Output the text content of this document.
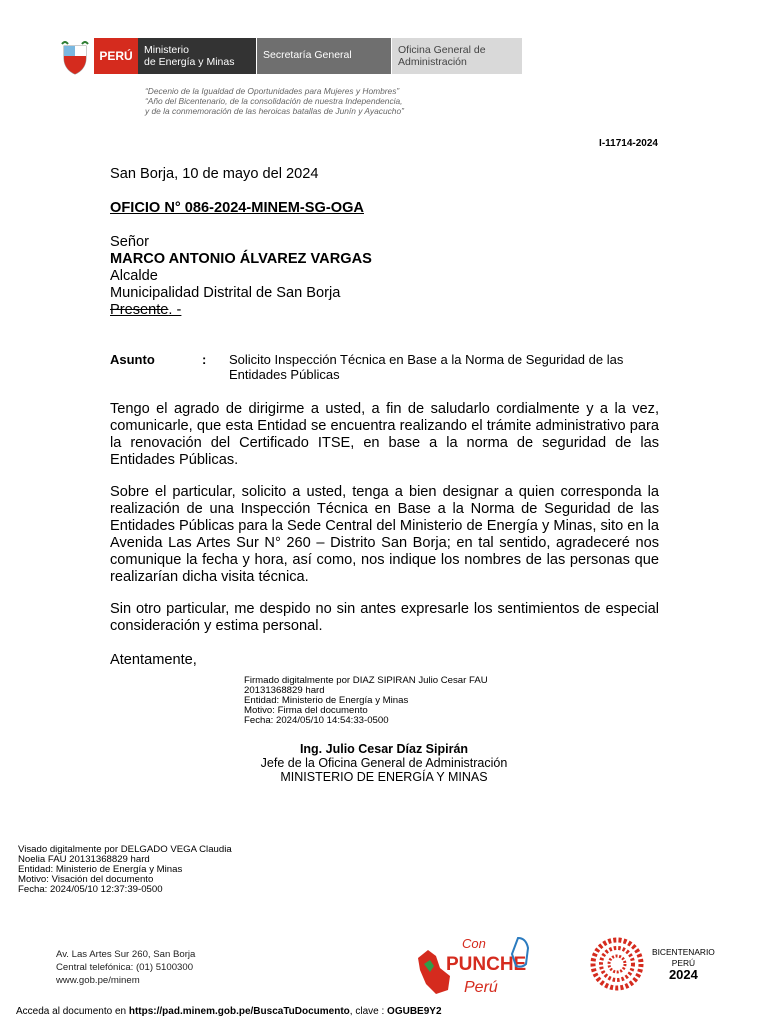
PERÚ	Ministerio
de Energía y Minas
Secretaría General	Oficina General de
Administración
“Decenio de la Igualdad de Oportunidades para Mujeres y Hombres”
“Año del Bicentenario, de la consolidación de nuestra Independencia,
y de la conmemoración de las heroicas batallas de Junín y Ayacucho”
I-11714-2024
San Borja, 10 de mayo del 2024
OFICIO N° 086-2024-MINEM-SG-OGA
Señor
MARCO ANTONIO ÁLVAREZ VARGAS
Alcalde
Municipalidad Distrital de San Borja
Presente. -
Asunto	: Solicito Inspección Técnica en Base a la Norma de Seguridad de las Entidades Públicas
Tengo el agrado de dirigirme a usted, a fin de saludarlo cordialmente y a la vez, comunicarle, que esta Entidad se encuentra realizando el trámite administrativo para la renovación del Certificado ITSE, en base a la norma de seguridad de las Entidades Públicas.
Sobre el particular, solicito a usted, tenga a bien designar a quien corresponda la realización de una Inspección Técnica en Base a la Norma de Seguridad de las Entidades Públicas para la Sede Central del Ministerio de Energía y Minas, sito en la Avenida Las Artes Sur N° 260 – Distrito San Borja; en tal sentido, agradeceré nos comunique la fecha y hora, así como, nos indique los nombres de las personas que realizarían dicha visita técnica.
Sin otro particular, me despido no sin antes expresarle los sentimientos de especial consideración y estima personal.
Atentamente,
Firmado digitalmente por DIAZ SIPIRAN Julio Cesar FAU
20131368829 hard
Entidad: Ministerio de Energía y Minas
Motivo: Firma del documento
Fecha: 2024/05/10 14:54:33-0500
Ing. Julio Cesar Díaz Sipirán
Jefe de la Oficina General de Administración
MINISTERIO DE ENERGÍA Y MINAS
Visado digitalmente por DELGADO VEGA Claudia
Noelia FAU 20131368829 hard
Entidad: Ministerio de Energía y Minas
Motivo: Visación del documento
Fecha: 2024/05/10 12:37:39-0500
Av. Las Artes Sur 260, San Borja
Central telefónica: (01) 5100300
www.gob.pe/minem
Con
PUNCHE
Perú
BICENTENARIO
PERÚ
2024
Acceda al documento en https://pad.minem.gob.pe/BuscaTuDocumento, clave : OGUBE9Y2
